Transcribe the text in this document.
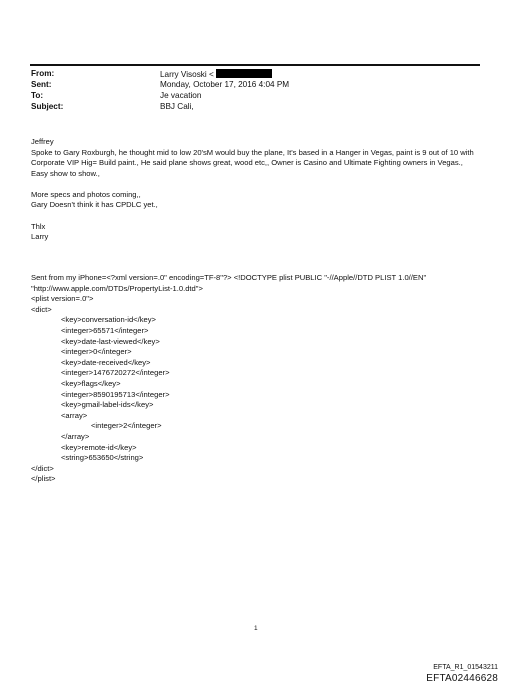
From:	Larry Visoski <
Sent:	Monday, October 17, 2016 4:04 PM
To:	Je vacation
Subject:	BBJ Cali,

Jeffrey

Spoke to Gary Roxburgh, he thought mid to low 20'sM would buy the plane, It's based in a Hanger in Vegas, paint is 9 out of 10 with Corporate VIP Hig= Build paint., He said plane shows great, wood etc,, Owner is Casino and Ultimate Fighting owners in Vegas., Easy show to show.,

More specs and photos coming,,

Gary Doesn't think it has CPDLC yet.,

Thlx

Larry

Sent from my iPhone=<?xml version=.0" encoding=TF-8"?> <!DOCTYPE plist PUBLIC "-//Apple//DTD PLIST 1.0//EN"
"http://www.apple.com/DTDs/PropertyList-1.0.dtd">
<plist version=.0">
<dict>
<key>conversation-id</key>
<integer>65571</integer>
<key>date-last-viewed</key>
<integer>0</integer>
<key>date-received</key>
<integer>1476720272</integer>
<key>flags</key>
<integer>8590195713</integer>
<key>gmail-label-ids</key>
<array>
<integer>2</integer>
</array>
<key>remote-id</key>
<string>653650</string>
</dict>
</plist>
1
EFTA_R1_01543211
EFTA02446628
